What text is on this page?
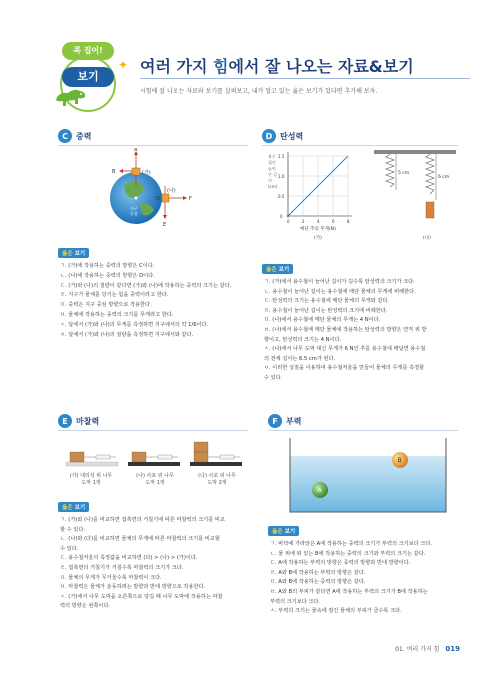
콕 집어!
보기
✦ 여러 가지 힘에서 잘 나오는 자료&보기
시험에 잘 나오는 자료와 보기를 살펴보고, 내가 알고 있는 옳은 보기가 있다면 추가해 보자.
C	중력
A
B	(가)
(나)
D	F
E
지구
중심
옳은 보기
ㄱ. (가)에 작용하는 중력의 방향은 C이다.
ㄴ. (나)에 작용하는 중력의 방향은 D이다.
ㄷ. (가)와 (나)의 질량이 같다면 (가)와 (나)에 작용하는 중력의 크기는 같다.
ㄹ. 지구가 물체를 당기는 힘을 중력이라고 한다.
ㅁ. 중력은 지구 중심 방향으로 작용한다.
ㅂ. 물체에 작용하는 중력의 크기를 무게라고 한다.
ㅅ. 달에서 (가)와 (나)의 무게를 측정하면 지구에서의 약 1/6이다.
ㅇ. 달에서 (가)와 (나)의 질량을 측정하면 지구에서와 같다.
D 탄성력
용수
철이
늘어
난 길
이
(cm)
0
0.5
1.0
1.5
0	2	4	6	8
매단 추의 무게(N)
(가)
5 cm
6 cm
(나)
옳은 보기
ㄱ. (가)에서 용수철이 늘어난 길이가 길수록 탄성력의 크기가 크다.
ㄴ. 용수철이 늘어난 길이는 용수철에 매단 물체의 무게에 비례한다.
ㄷ. 탄성력의 크기는 용수철에 매단 물체의 무게와 같다.
ㄹ. 용수철이 늘어난 길이는 탄성력의 크기에 비례한다.
ㅁ. (나)에서 용수철에 매단 물체의 무게는 4 N이다.
ㅂ. (나)에서 용수철에 매단 물체에 작용하는 탄성력의 방향은 연직 위 방
향이고, 탄성력의 크기는 4 N이다.
ㅅ. (나)에서 나무 도막 대신 무게가 6 N인 추를 용수철에 매달면 용수철
의 전체 길이는 6.5 cm가 된다.
ㅇ. 이러한 성질을 이용하여 용수철저울을 만들어 물체의 무게를 측정할
수 있다.
E	마찰력
(가) 대리석 위 나무
도막 1개
(나) 사포 위 나무
도막 1개
(다) 사포 위 나무
도막 2개
옳은 보기
ㄱ. (가)와 (나)를 비교하면 접촉면의 거칠기에 따른 마찰력의 크기를 비교
할 수 있다.
ㄴ. (나)와 (다)를 비교하면 물체의 무게에 따른 마찰력의 크기를 비교할
수 있다.
ㄷ. 용수철저울의 측정값을 비교하면 (다) > (나) > (가)이다.
ㄹ. 접촉면의 거칠기가 거칠수록 마찰력의 크기가 크다.
ㅁ. 물체의 무게가 무거울수록 마찰력이 크다.
ㅂ. 마찰력은 물체가 운동하려는 방향과 반대 방향으로 작용한다.
ㅅ. (가)에서 나무 도막을 오른쪽으로 당길 때 나무 도막에 작용하는 마찰
력의 방향은 왼쪽이다.
F	부력
B
A
옳은 보기
ㄱ. 바닥에 가라앉은 A에 작용하는 중력의 크기가 부력의 크기보다 크다.
ㄴ. 물 위에 떠 있는 B에 작용하는 중력의 크기와 부력의 크기는 같다.
ㄷ. A에 작용하는 부력의 방향은 중력의 방향과 반대 방향이다.
ㄹ. A와 B에 작용하는 부력의 방향은 같다.
ㅁ. A와 B에 작용하는 중력의 방향은 같다.
ㅂ. A와 B의 부피가 같다면 A에 작용하는 부력의 크기가 B에 작용하는
부력의 크기보다 크다.
ㅅ. 부력의 크기는 물속에 잠긴 물체의 부피가 클수록 크다.
01. 여러 가지 힘 019
